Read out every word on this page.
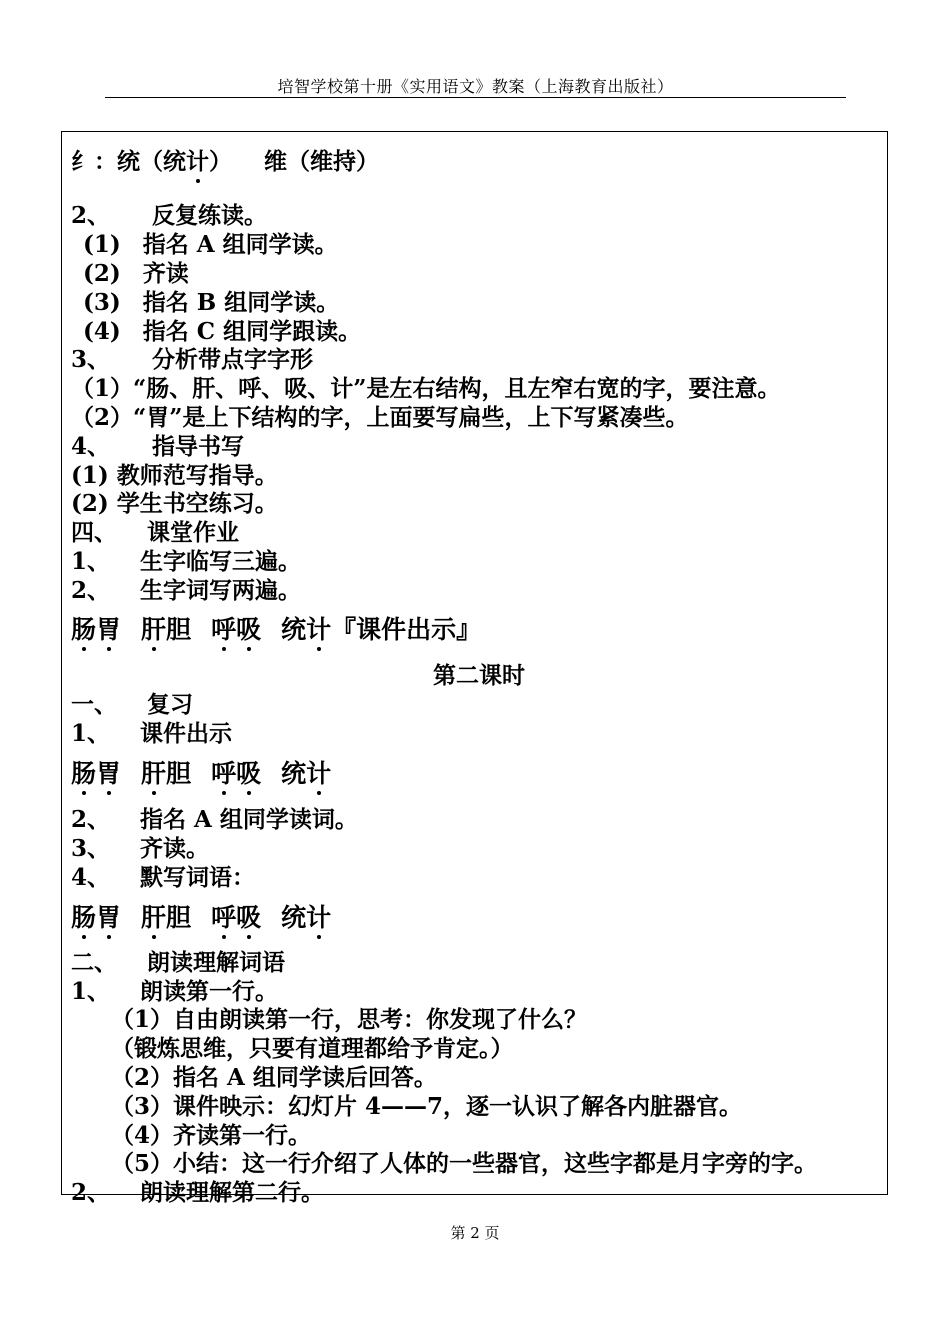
培智学校第十册《实用语文》教案（上海教育出版社）
纟：统（统计）    维（维持）
2、 反复练读。
(1) 指名 A 组同学读。
(2) 齐读
(3) 指名 B 组同学读。
(4) 指名 C 组同学跟读。
3、 分析带点字字形
（1）“肠、肝、呼、吸、计”是左右结构，且左窄右宽的字，要注意。
（2）“胃”是上下结构的字，上面要写扁些，上下写紧凑些。
4、 指导书写
(1) 教师范写指导。
(2) 学生书空练习。
四、 课堂作业
1、 生字临写三遍。
2、 生字词写两遍。
肠胃 肝胆 呼吸 统计『课件出示』
第二课时
一、 复习
1、 课件出示
肠胃 肝胆 呼吸 统计
2、 指名 A 组同学读词。
3、 齐读。
4、 默写词语：
肠胃 肝胆 呼吸 统计
二、 朗读理解词语
1、 朗读第一行。
（1）自由朗读第一行，思考：你发现了什么？
（锻炼思维，只要有道理都给予肯定。）
（2）指名 A 组同学读后回答。
（3）课件映示：幻灯片 4——7，逐一认识了解各内脏器官。
（4）齐读第一行。
（5）小结：这一行介绍了人体的一些器官，这些字都是月字旁的字。
2、 朗读理解第二行。
第 2 页
